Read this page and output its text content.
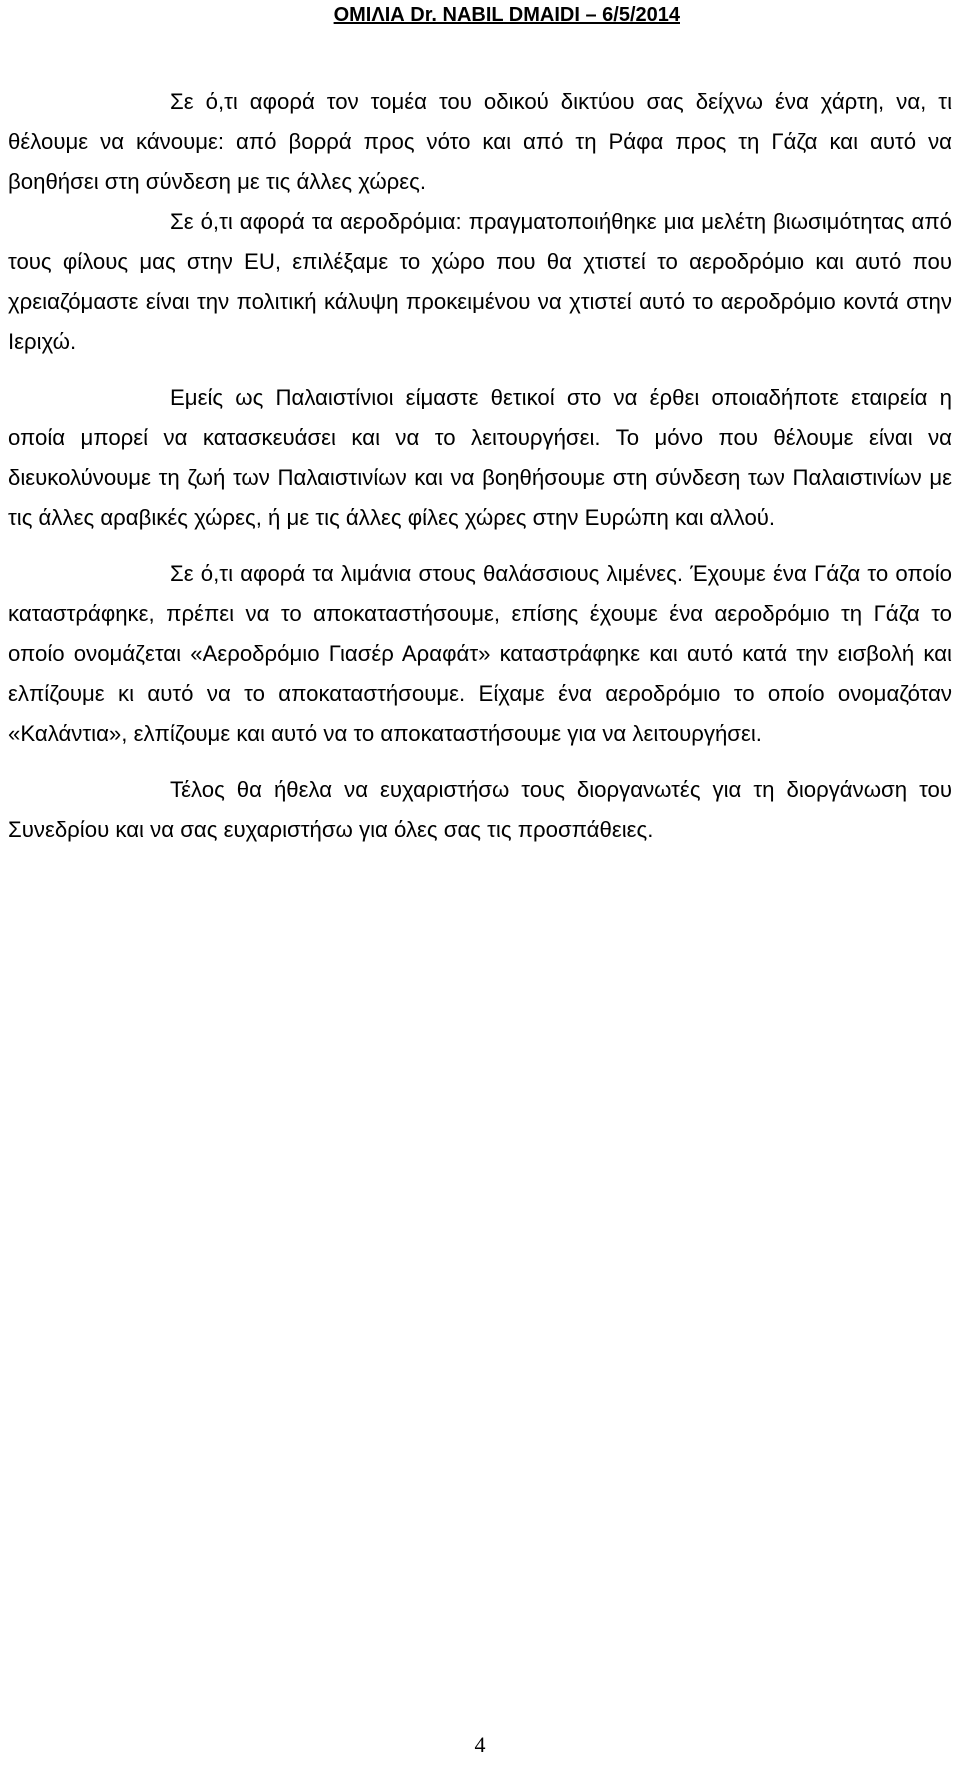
ΟΜΙΛΙΑ Dr. NABIL DMAIDI – 6/5/2014

Σε ό,τι αφορά τον τομέα του οδικού δικτύου σας δείχνω ένα χάρτη, να, τι θέλουμε να κάνουμε: από βορρά προς νότο και από τη Ράφα προς τη Γάζα και αυτό να βοηθήσει στη σύνδεση με τις άλλες χώρες.

Σε ό,τι αφορά τα αεροδρόμια: πραγματοποιήθηκε μια μελέτη βιωσιμότητας από τους φίλους μας στην EU, επιλέξαμε το χώρο που θα χτιστεί το αεροδρόμιο και αυτό που χρειαζόμαστε είναι την πολιτική κάλυψη προκειμένου να χτιστεί αυτό το αεροδρόμιο κοντά στην Ιεριχώ.

Εμείς ως Παλαιστίνιοι είμαστε θετικοί στο να έρθει οποιαδήποτε εταιρεία η οποία μπορεί να κατασκευάσει και να το λειτουργήσει. Το μόνο που θέλουμε είναι να διευκολύνουμε τη ζωή των Παλαιστινίων και να βοηθήσουμε στη σύνδεση των Παλαιστινίων με τις άλλες αραβικές χώρες, ή με τις άλλες φίλες χώρες στην Ευρώπη και αλλού.

Σε ό,τι αφορά τα λιμάνια στους θαλάσσιους λιμένες. Έχουμε ένα Γάζα το οποίο καταστράφηκε, πρέπει να το αποκαταστήσουμε, επίσης έχουμε ένα αεροδρόμιο τη Γάζα το οποίο ονομάζεται «Αεροδρόμιο Γιασέρ Αραφάτ» καταστράφηκε και αυτό κατά την εισβολή και ελπίζουμε κι αυτό να το αποκαταστήσουμε. Είχαμε ένα αεροδρόμιο το οποίο ονομαζόταν «Καλάντια», ελπίζουμε και αυτό να το αποκαταστήσουμε για να λειτουργήσει.

Τέλος θα ήθελα να ευχαριστήσω τους διοργανωτές για τη διοργάνωση του Συνεδρίου και να σας ευχαριστήσω για όλες σας τις προσπάθειες.

4
